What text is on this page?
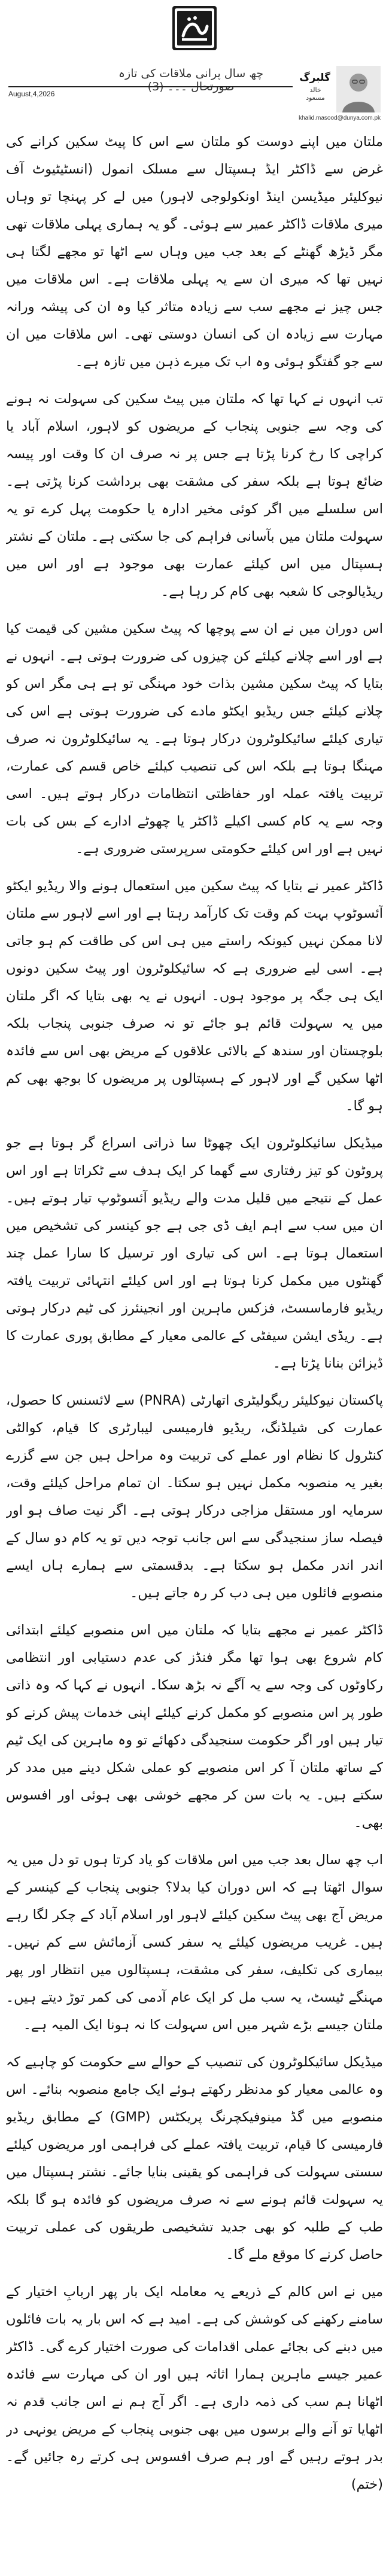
گلبرگ
خالد مسعود
چھ سال پرانی ملاقات کی تازہ صورتحال ۔۔۔ (3)
August,4,2026
khalid.masood@dunya.com.pk

ملتان میں اپنے دوست کو ملتان سے اس کا پیٹ سکین کرانے کی غرض سے ڈاکٹر ایڈ ہسپتال سے مسلک انمول (انسٹیٹیوٹ آف نیوکلیئر میڈیسن اینڈ اونکولوجی لاہور) میں لے کر پہنچا تو وہاں میری ملاقات ڈاکٹر عمیر سے ہوئی۔ گو یہ ہماری پہلی ملاقات تھی مگر ڈیڑھ گھنٹے کے بعد جب میں وہاں سے اٹھا تو مجھے لگتا ہی نہیں تھا کہ میری ان سے یہ پہلی ملاقات ہے۔ اس ملاقات میں جس چیز نے مجھے سب سے زیادہ متاثر کیا وہ ان کی پیشہ ورانہ مہارت سے زیادہ ان کی انسان دوستی تھی۔ اس ملاقات میں ان سے جو گفتگو ہوئی وہ اب تک میرے ذہن میں تازہ ہے۔

تب انہوں نے کہا تھا کہ ملتان میں پیٹ سکین کی سہولت نہ ہونے کی وجہ سے جنوبی پنجاب کے مریضوں کو لاہور، اسلام آباد یا کراچی کا رخ کرنا پڑتا ہے جس پر نہ صرف ان کا وقت اور پیسہ ضائع ہوتا ہے بلکہ سفر کی مشقت بھی برداشت کرنا پڑتی ہے۔ اس سلسلے میں اگر کوئی مخیر ادارہ یا حکومت پہل کرے تو یہ سہولت ملتان میں بآسانی فراہم کی جا سکتی ہے۔ ملتان کے نشتر ہسپتال میں اس کیلئے عمارت بھی موجود ہے اور اس میں ریڈیالوجی کا شعبہ بھی کام کر رہا ہے۔

اس دوران میں نے ان سے پوچھا کہ پیٹ سکین مشین کی قیمت کیا ہے اور اسے چلانے کیلئے کن چیزوں کی ضرورت ہوتی ہے۔ انہوں نے بتایا کہ پیٹ سکین مشین بذات خود مہنگی تو ہے ہی مگر اس کو چلانے کیلئے جس ریڈیو ایکٹو مادے کی ضرورت ہوتی ہے اس کی تیاری کیلئے سائیکلوٹرون درکار ہوتا ہے۔ یہ سائیکلوٹرون نہ صرف مہنگا ہوتا ہے بلکہ اس کی تنصیب کیلئے خاص قسم کی عمارت، تربیت یافتہ عملہ اور حفاظتی انتظامات درکار ہوتے ہیں۔ اسی وجہ سے یہ کام کسی اکیلے ڈاکٹر یا چھوٹے ادارے کے بس کی بات نہیں ہے اور اس کیلئے حکومتی سرپرستی ضروری ہے۔

ڈاکٹر عمیر نے بتایا کہ پیٹ سکین میں استعمال ہونے والا ریڈیو ایکٹو آئسوٹوپ بہت کم وقت تک کارآمد رہتا ہے اور اسے لاہور سے ملتان لانا ممکن نہیں کیونکہ راستے میں ہی اس کی طاقت کم ہو جاتی ہے۔ اسی لیے ضروری ہے کہ سائیکلوٹرون اور پیٹ سکین دونوں ایک ہی جگہ پر موجود ہوں۔ انہوں نے یہ بھی بتایا کہ اگر ملتان میں یہ سہولت قائم ہو جائے تو نہ صرف جنوبی پنجاب بلکہ بلوچستان اور سندھ کے بالائی علاقوں کے مریض بھی اس سے فائدہ اٹھا سکیں گے اور لاہور کے ہسپتالوں پر مریضوں کا بوجھ بھی کم ہو گا۔

میڈیکل سائیکلوٹرون ایک چھوٹا سا ذراتی اسراع گر ہوتا ہے جو پروٹون کو تیز رفتاری سے گھما کر ایک ہدف سے ٹکراتا ہے اور اس عمل کے نتیجے میں قلیل مدت والے ریڈیو آئسوٹوپ تیار ہوتے ہیں۔ ان میں سب سے اہم ایف ڈی جی ہے جو کینسر کی تشخیص میں استعمال ہوتا ہے۔ اس کی تیاری اور ترسیل کا سارا عمل چند گھنٹوں میں مکمل کرنا ہوتا ہے اور اس کیلئے انتہائی تربیت یافتہ ریڈیو فارماسسٹ، فزکس ماہرین اور انجینئرز کی ٹیم درکار ہوتی ہے۔ ریڈی ایشن سیفٹی کے عالمی معیار کے مطابق پوری عمارت کا ڈیزائن بنانا پڑتا ہے۔

پاکستان نیوکلیئر ریگولیٹری اتھارٹی (PNRA) سے لائسنس کا حصول، عمارت کی شیلڈنگ، ریڈیو فارمیسی لیبارٹری کا قیام، کوالٹی کنٹرول کا نظام اور عملے کی تربیت وہ مراحل ہیں جن سے گزرے بغیر یہ منصوبہ مکمل نہیں ہو سکتا۔ ان تمام مراحل کیلئے وقت، سرمایہ اور مستقل مزاجی درکار ہوتی ہے۔ اگر نیت صاف ہو اور فیصلہ ساز سنجیدگی سے اس جانب توجہ دیں تو یہ کام دو سال کے اندر اندر مکمل ہو سکتا ہے۔ بدقسمتی سے ہمارے ہاں ایسے منصوبے فائلوں میں ہی دب کر رہ جاتے ہیں۔

ڈاکٹر عمیر نے مجھے بتایا کہ ملتان میں اس منصوبے کیلئے ابتدائی کام شروع بھی ہوا تھا مگر فنڈز کی عدم دستیابی اور انتظامی رکاوٹوں کی وجہ سے یہ آگے نہ بڑھ سکا۔ انہوں نے کہا کہ وہ ذاتی طور پر اس منصوبے کو مکمل کرنے کیلئے اپنی خدمات پیش کرنے کو تیار ہیں اور اگر حکومت سنجیدگی دکھائے تو وہ ماہرین کی ایک ٹیم کے ساتھ ملتان آ کر اس منصوبے کو عملی شکل دینے میں مدد کر سکتے ہیں۔ یہ بات سن کر مجھے خوشی بھی ہوئی اور افسوس بھی۔

اب چھ سال بعد جب میں اس ملاقات کو یاد کرتا ہوں تو دل میں یہ سوال اٹھتا ہے کہ اس دوران کیا بدلا؟ جنوبی پنجاب کے کینسر کے مریض آج بھی پیٹ سکین کیلئے لاہور اور اسلام آباد کے چکر لگا رہے ہیں۔ غریب مریضوں کیلئے یہ سفر کسی آزمائش سے کم نہیں۔ بیماری کی تکلیف، سفر کی مشقت، ہسپتالوں میں انتظار اور پھر مہنگے ٹیسٹ، یہ سب مل کر ایک عام آدمی کی کمر توڑ دیتے ہیں۔ ملتان جیسے بڑے شہر میں اس سہولت کا نہ ہونا ایک المیہ ہے۔

میڈیکل سائیکلوٹرون کی تنصیب کے حوالے سے حکومت کو چاہیے کہ وہ عالمی معیار کو مدنظر رکھتے ہوئے ایک جامع منصوبہ بنائے۔ اس منصوبے میں گڈ مینوفیکچرنگ پریکٹس (GMP) کے مطابق ریڈیو فارمیسی کا قیام، تربیت یافتہ عملے کی فراہمی اور مریضوں کیلئے سستی سہولت کی فراہمی کو یقینی بنایا جائے۔ نشتر ہسپتال میں یہ سہولت قائم ہونے سے نہ صرف مریضوں کو فائدہ ہو گا بلکہ طب کے طلبہ کو بھی جدید تشخیصی طریقوں کی عملی تربیت حاصل کرنے کا موقع ملے گا۔

میں نے اس کالم کے ذریعے یہ معاملہ ایک بار پھر اربابِ اختیار کے سامنے رکھنے کی کوشش کی ہے۔ امید ہے کہ اس بار یہ بات فائلوں میں دبنے کی بجائے عملی اقدامات کی صورت اختیار کرے گی۔ ڈاکٹر عمیر جیسے ماہرین ہمارا اثاثہ ہیں اور ان کی مہارت سے فائدہ اٹھانا ہم سب کی ذمہ داری ہے۔ اگر آج ہم نے اس جانب قدم نہ اٹھایا تو آنے والے برسوں میں بھی جنوبی پنجاب کے مریض یونہی در بدر ہوتے رہیں گے اور ہم صرف افسوس ہی کرتے رہ جائیں گے۔ (ختم)
